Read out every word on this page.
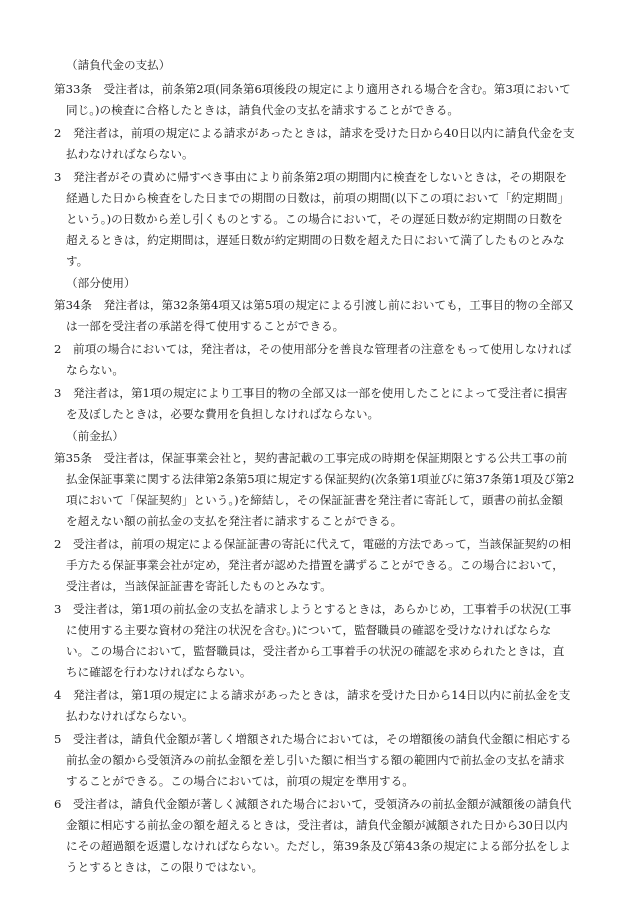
（請負代金の支払）
第33条　受注者は，前条第2項(同条第6項後段の規定により適用される場合を含む。第3項において
同じ。)の検査に合格したときは，請負代金の支払を請求することができる。
2　発注者は，前項の規定による請求があったときは，請求を受けた日から40日以内に請負代金を支
払わなければならない。
3　発注者がその責めに帰すべき事由により前条第2項の期間内に検査をしないときは，その期限を
経過した日から検査をした日までの期間の日数は，前項の期間(以下この項において「約定期間」
という。)の日数から差し引くものとする。この場合において，その遅延日数が約定期間の日数を
超えるときは，約定期間は，遅延日数が約定期間の日数を超えた日において満了したものとみな
す。
（部分使用）
第34条　発注者は，第32条第4項又は第5項の規定による引渡し前においても，工事目的物の全部又
は一部を受注者の承諾を得て使用することができる。
2　前項の場合においては，発注者は，その使用部分を善良な管理者の注意をもって使用しなければ
ならない。
3　発注者は，第1項の規定により工事目的物の全部又は一部を使用したことによって受注者に損害
を及ぼしたときは，必要な費用を負担しなければならない。
（前金払）
第35条　受注者は，保証事業会社と，契約書記載の工事完成の時期を保証期限とする公共工事の前
払金保証事業に関する法律第2条第5項に規定する保証契約(次条第1項並びに第37条第1項及び第2
項において「保証契約」という。)を締結し，その保証証書を発注者に寄託して，頭書の前払金額
を超えない額の前払金の支払を発注者に請求することができる。
2　受注者は，前項の規定による保証証書の寄託に代えて，電磁的方法であって，当該保証契約の相
手方たる保証事業会社が定め，発注者が認めた措置を講ずることができる。この場合において，
受注者は，当該保証証書を寄託したものとみなす。
3　受注者は，第1項の前払金の支払を請求しようとするときは，あらかじめ，工事着手の状況(工事
に使用する主要な資材の発注の状況を含む。)について，監督職員の確認を受けなければならな
い。この場合において，監督職員は，受注者から工事着手の状況の確認を求められたときは，直
ちに確認を行わなければならない。
4　発注者は，第1項の規定による請求があったときは，請求を受けた日から14日以内に前払金を支
払わなければならない。
5　受注者は，請負代金額が著しく増額された場合においては，その増額後の請負代金額に相応する
前払金の額から受領済みの前払金額を差し引いた額に相当する額の範囲内で前払金の支払を請求
することができる。この場合においては，前項の規定を準用する。
6　受注者は，請負代金額が著しく減額された場合において，受領済みの前払金額が減額後の請負代
金額に相応する前払金の額を超えるときは，受注者は，請負代金額が減額された日から30日以内
にその超過額を返還しなければならない。ただし，第39条及び第43条の規定による部分払をしよ
うとするときは，この限りではない。
